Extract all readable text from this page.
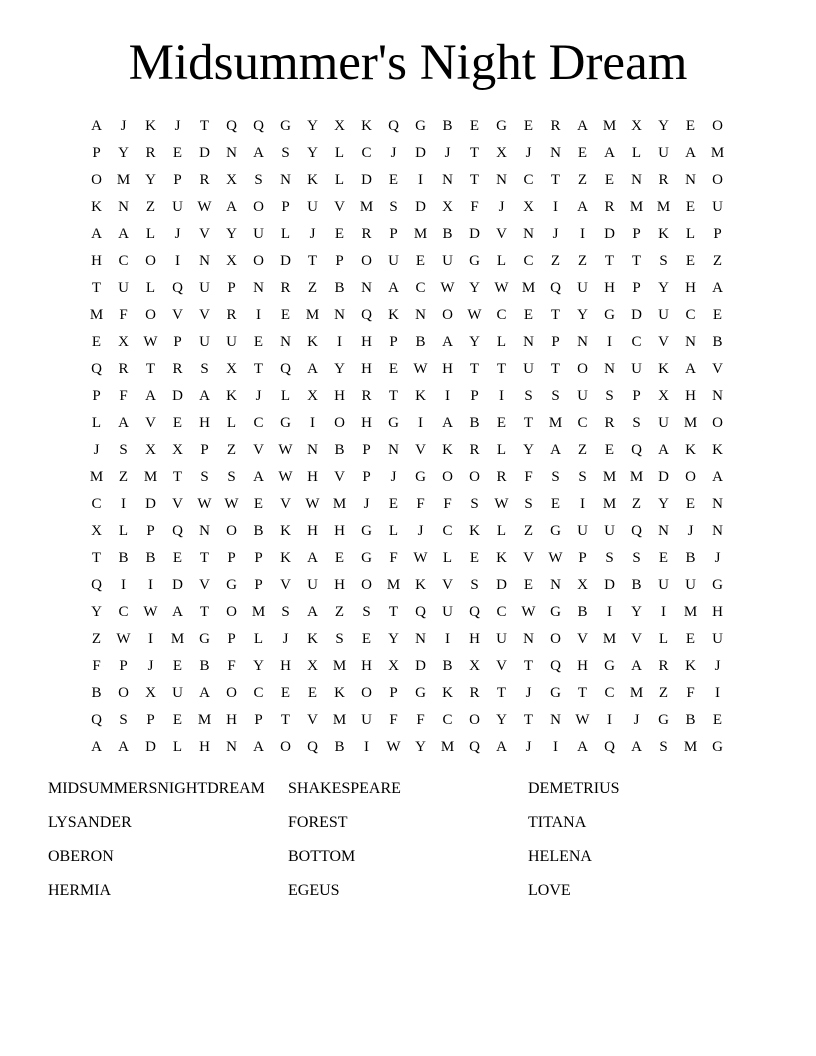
Midsummer's Night Dream
A	J	K	J	T	Q	Q	G	Y	X	K	Q	G	B	E	G	E	R	A M X	Y	E	O
P	Y	R	E	D	N	A	S	Y	L	C	J	D	J	T	X	J	N	E	A	L	U	A M
O M Y	P	R	X	S	N	K	L	D	E	I	N	T	N	C	T	Z	E	N	R	N	O
K	N	Z	U W A	O	P	U	V M	S	D	X	F	J	X	I	A	R	M M	E	U
A	A	L	J	V	Y	U	L	J	E	R	P	M	B	D	V	N	J	I	D	P	K	L	P
H	C	O	I	N	X	O	D	T	P	O	U	E	U	G	L	C	Z	Z	T	T	S	E	Z
T	U	L	Q	U	P	N	R	Z	B	N	A	C W Y W M Q	U	H	P	Y	H	A
M	F	O	V	V	R	I	E	M N	Q	K	N	O W C	E	T	Y	G	D	U	C	E
E	X W	P	U	U	E	N	K	I	H	P	B	A	Y	L	N	P	N	I	C	V	N	B
Q	R	T	R	S	X	T	Q	A	Y	H	E	W H	T	T	U	T	O	N	U	K	A	V
P	F	A	D	A	K	J	L	X	H	R	T	K	I	P	I	S	S	U	S	P	X	H	N
L	A	V	E	H	L	C	G	I	O	H	G	I	A	B	E	T	M	C	R	S	U M O
J	S	X	X	P	Z	V W N	B	P	N	V	K	R	L	Y	A	Z	E	Q	A	K	K
M	Z	M	T	S	S	A W H	V	P	J	G	O	O	R	F	S	S	M M D	O	A
C	I	D	V W W	E	V W M	J	E	F	F	S	W	S	E	I	M	Z	Y	E	N
X	L	P	Q	N	O	B	K	H	H	G	L	J	C	K	L	Z	G	U	U	Q	N	J	N
T	B	B	E	T	P	P	K	A	E	G	F	W	L	E	K	V W	P	S	S	E	B	J
Q	I	I	D	V	G	P	V	U	H	O M K	V	S	D	E	N	X	D	B	U	U	G
Y	C W A	T	O M	S	A	Z	S	T	Q	U	Q	C W G	B	I	Y	I	M H
Z	W	I	M G	P	L	J	K	S	E	Y	N	I	H	U	N	O	V M V	L	E	U
F	P	J	E	B	F	Y	H	X M H	X	D	B	X	V	T	Q	H	G	A	R	K	J
B	O	X	U	A	O	C	E	E	K	O	P	G	K	R	T	J	G	T	C	M	Z	F	I
Q	S	P	E	M H	P	T	V M U	F	F	C	O	Y	T	N W	I	J	G	B	E
A	A	D	L	H	N	A	O	Q	B	I	W Y M Q	A	J	I	A	Q	A	S	M G
MIDSUMMERSNIGHTDREAM	SHAKESPEARE	DEMETRIUS
LYSANDER	FOREST	TITANA
OBERON	BOTTOM	HELENA
HERMIA	EGEUS	LOVE
